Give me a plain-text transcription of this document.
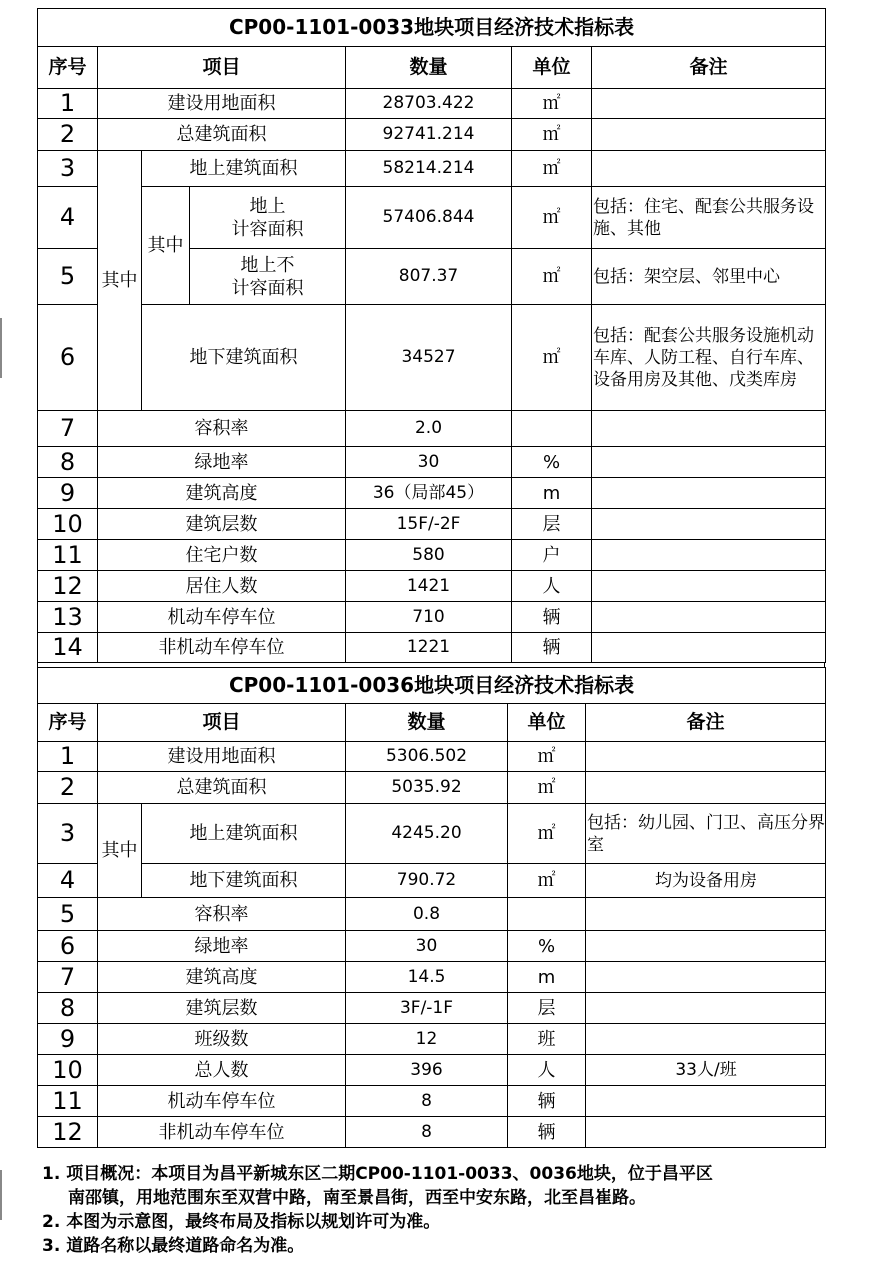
CP00-1101-0033地块项目经济技术指标表						
序号	项目			数量	单位	备注
1	建设用地面积			28703.422	㎡	
2	总建筑面积			92741.214	㎡	
3	其中	地上建筑面积		58214.214	㎡	
4		其中	地上
计容面积	57406.844	㎡	包括：住宅、配套公共服务设施、其他
5			地上不
计容面积	807.37	㎡	包括：架空层、邻里中心
6		地下建筑面积		34527	㎡	包括：配套公共服务设施机动车库、人防工程、自行车库、设备用房及其他、戊类库房
7	容积率			2.0		
8	绿地率			30	%	
9	建筑高度			36（局部45）	m	
10	建筑层数			15F/-2F	层	
11	住宅户数			580	户	
12	居住人数			1421	人	
13	机动车停车位			710	辆	
14	非机动车停车位			1221	辆	
CP00-1101-0036地块项目经济技术指标表					
序号	项目		数量	单位	备注
1	建设用地面积		5306.502	㎡	
2	总建筑面积		5035.92	㎡	
3	其中	地上建筑面积	4245.20	㎡	包括：幼儿园、门卫、高压分界室
4		地下建筑面积	790.72	㎡	均为设备用房
5	容积率		0.8		
6	绿地率		30	%	
7	建筑高度		14.5	m	
8	建筑层数		3F/-1F	层	
9	班级数		12	班	
10	总人数		396	人	33人/班
11	机动车停车位		8	辆	
12	非机动车停车位		8	辆	

1. 项目概况：本项目为昌平新城东区二期CP00-1101-0033、0036地块，位于昌平区

南邵镇，用地范围东至双营中路，南至景昌街，西至中安东路，北至昌崔路。

2. 本图为示意图，最终布局及指标以规划许可为准。

3. 道路名称以最终道路命名为准。
